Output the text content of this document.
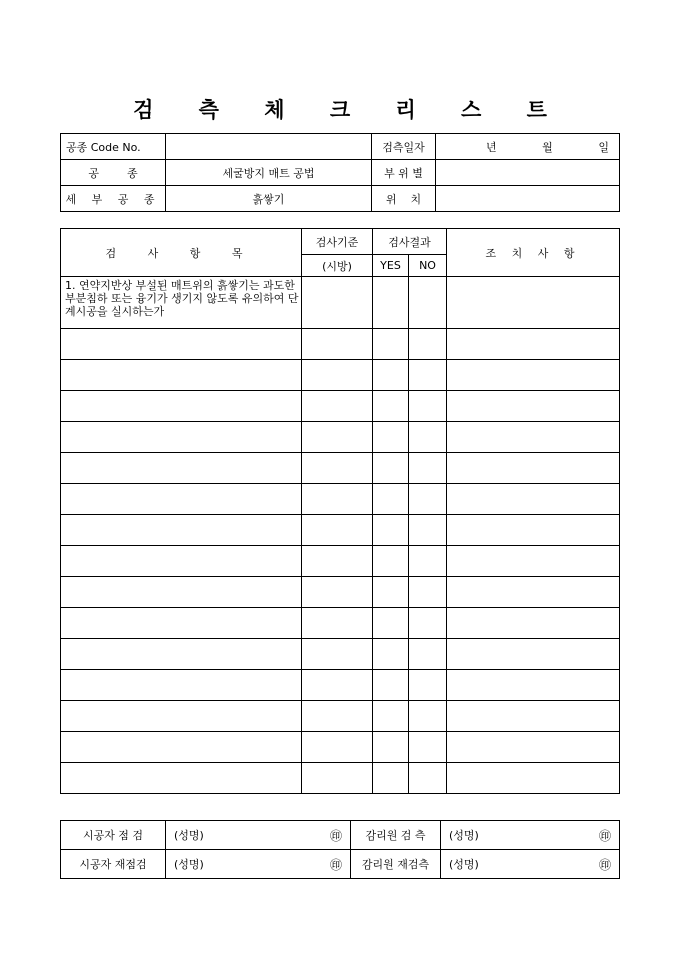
검 측 체 크 리 스 트
공종 Code No.		검측일자	년 월 일

공        종	세굴방지 매트 공법	부 위 별	
세 부 공 종	흙쌓기	위    치	
검 사 항 목	검사기준	검사결과		조 치 사 항
	(시방)	YES	NO	
1. 연약지반상 부설된 매트위의 흙쌓기는 과도한 부분침하 또는 융기가 생기지 않도록 유의하여 단계시공을 실시하는가				

시공자 점 검	(성명) ㊞	감리원 검 측	(성명) ㊞

시공자 재점검	(성명) ㊞	감리원 재검측	(성명) ㊞
